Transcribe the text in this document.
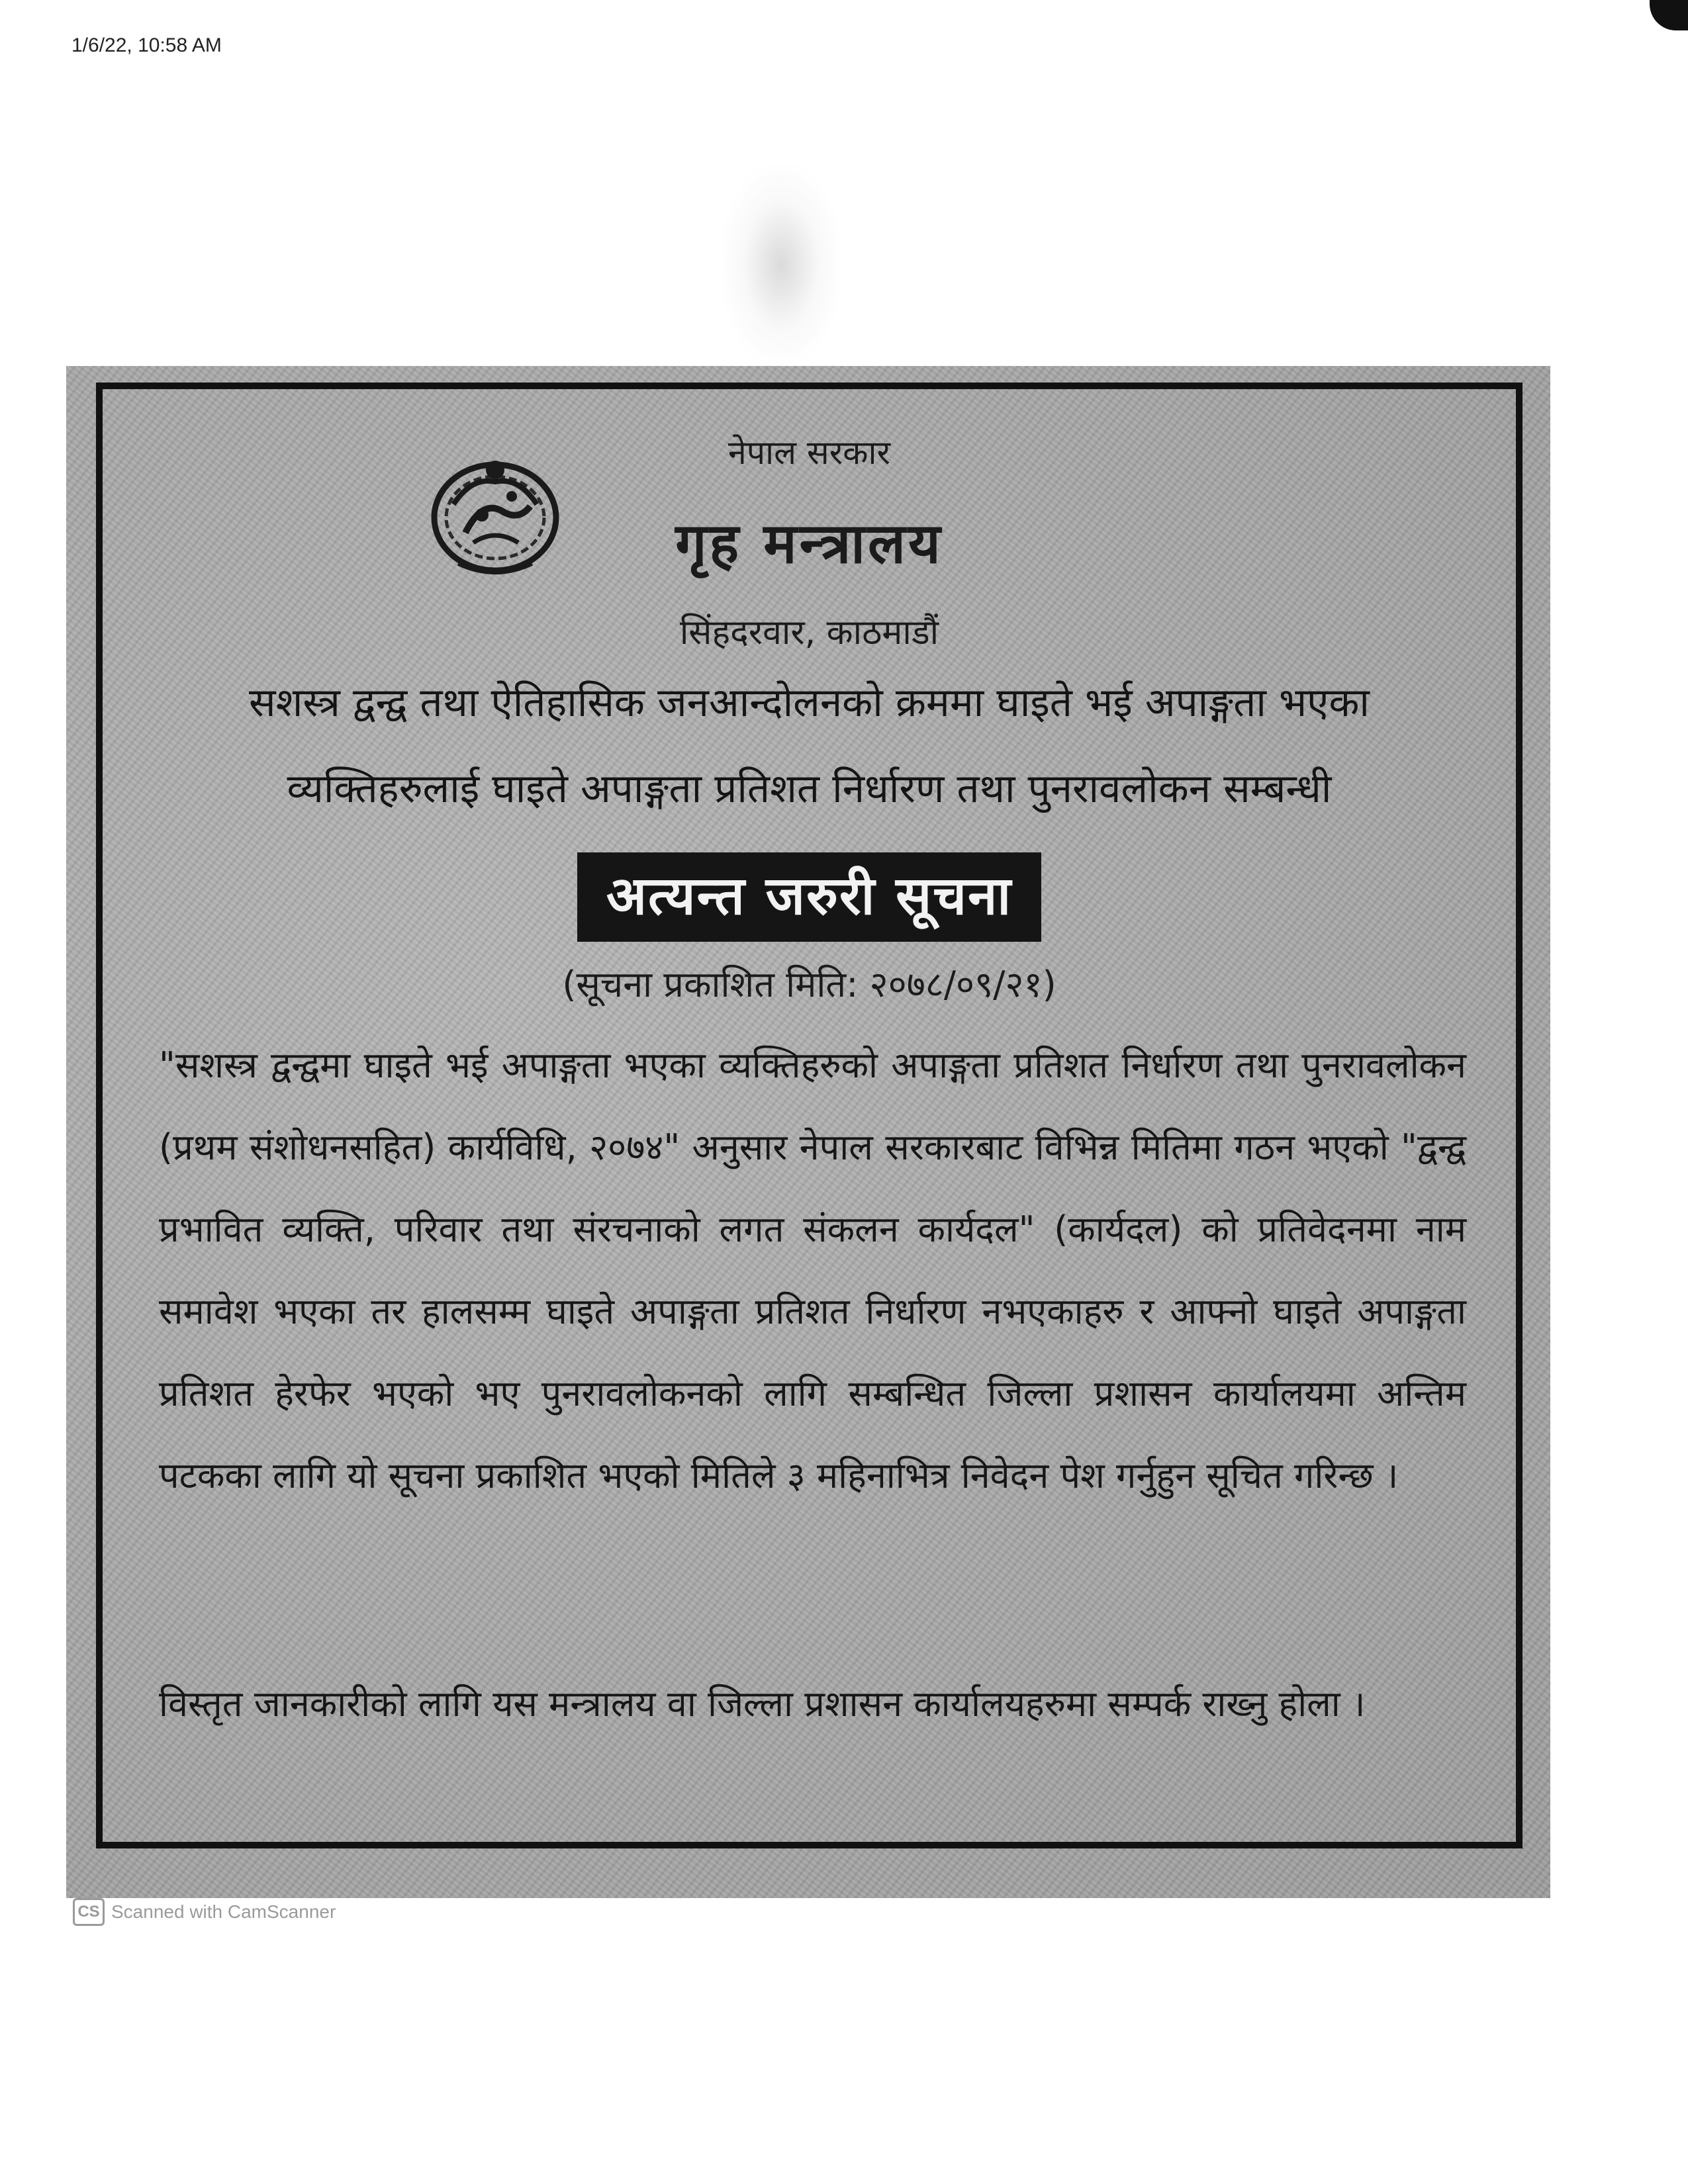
1/6/22, 10:58 AM
नेपाल सरकार
गृह मन्त्रालय
सिंहदरवार, काठमाडौं
सशस्त्र द्वन्द्व तथा ऐतिहासिक जनआन्दोलनको क्रममा घाइते भई अपाङ्गता भएका
व्यक्तिहरुलाई घाइते अपाङ्गता प्रतिशत निर्धारण तथा पुनरावलोकन सम्बन्धी
अत्यन्त जरुरी सूचना
(सूचना प्रकाशित मिति: २०७८/०९/२१)
"सशस्त्र द्वन्द्वमा घाइते भई अपाङ्गता भएका व्यक्तिहरुको अपाङ्गता प्रतिशत निर्धारण तथा पुनरावलोकन (प्रथम संशोधनसहित) कार्यविधि, २०७४" अनुसार नेपाल सरकारबाट विभिन्न मितिमा गठन भएको "द्वन्द्व प्रभावित व्यक्ति, परिवार तथा संरचनाको लगत संकलन कार्यदल" (कार्यदल) को प्रतिवेदनमा नाम समावेश भएका तर हालसम्म घाइते अपाङ्गता प्रतिशत निर्धारण नभएकाहरु र आफ्नो घाइते अपाङ्गता प्रतिशत हेरफेर भएको भए पुनरावलोकनको लागि सम्बन्धित जिल्ला प्रशासन कार्यालयमा अन्तिम पटकका लागि यो सूचना प्रकाशित भएको मितिले ३ महिनाभित्र निवेदन पेश गर्नुहुन सूचित गरिन्छ ।
विस्तृत जानकारीको लागि यस मन्त्रालय वा जिल्ला प्रशासन कार्यालयहरुमा सम्पर्क राख्नु होला ।
CS Scanned with CamScanner
